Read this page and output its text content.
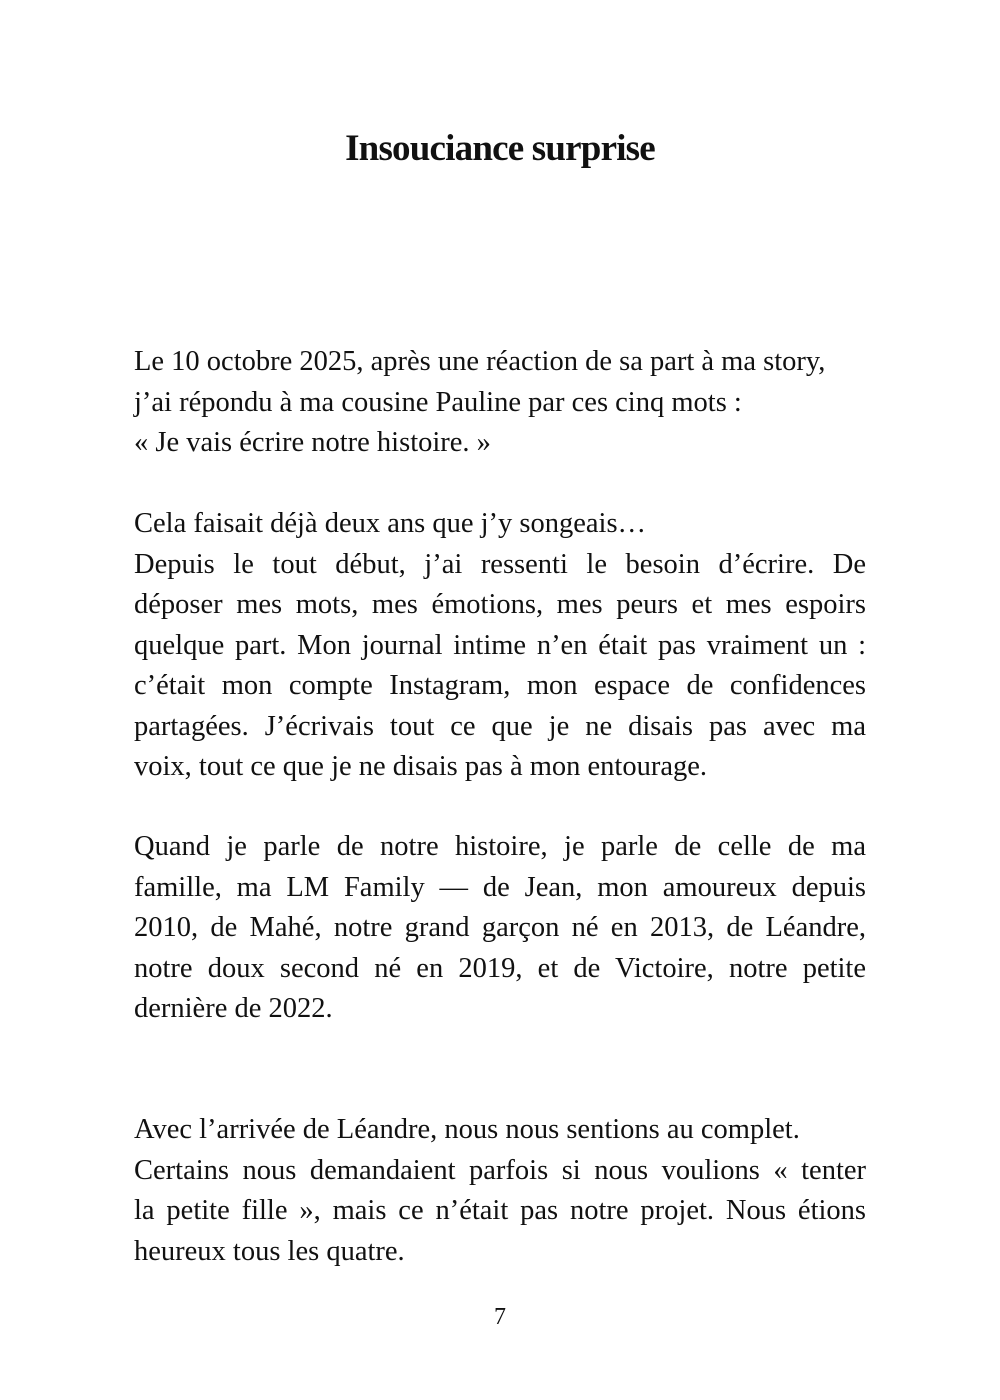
Insouciance surprise
Le 10 octobre 2025, après une réaction de sa part à ma story,
j’ai répondu à ma cousine Pauline par ces cinq mots :
« Je vais écrire notre histoire. »
Cela faisait déjà deux ans que j’y songeais…
Depuis le tout début, j’ai ressenti le besoin d’écrire. De
déposer mes mots, mes émotions, mes peurs et mes espoirs
quelque part. Mon journal intime n’en était pas vraiment un :
c’était mon compte Instagram, mon espace de confidences
partagées. J’écrivais tout ce que je ne disais pas avec ma
voix, tout ce que je ne disais pas à mon entourage.
Quand je parle de notre histoire, je parle de celle de ma
famille, ma LM Family — de Jean, mon amoureux depuis
2010, de Mahé, notre grand garçon né en 2013, de Léandre,
notre doux second né en 2019, et de Victoire, notre petite
dernière de 2022.
Avec l’arrivée de Léandre, nous nous sentions au complet.
Certains nous demandaient parfois si nous voulions « tenter
la petite fille », mais ce n’était pas notre projet. Nous étions
heureux tous les quatre.
7
